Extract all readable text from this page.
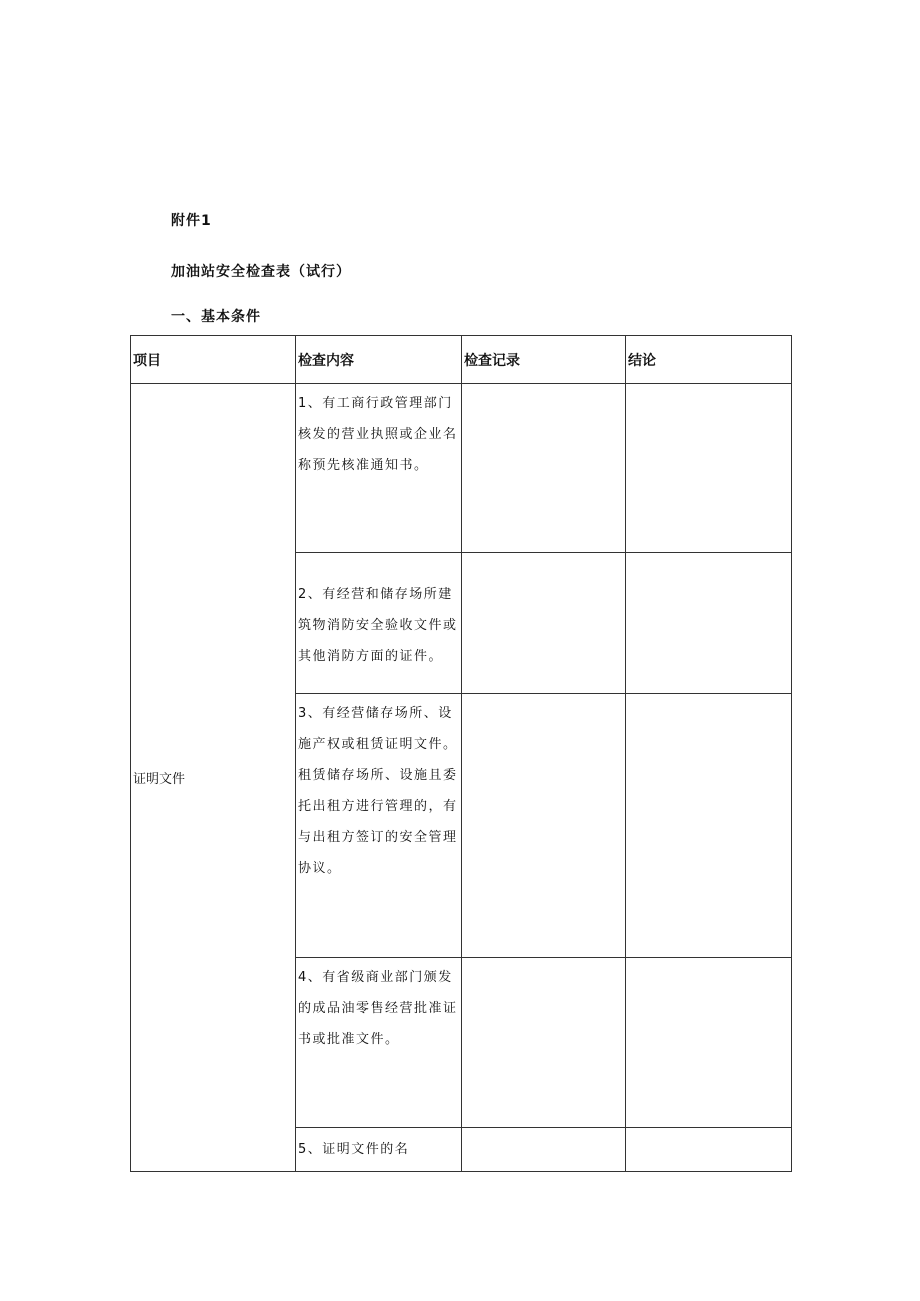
附件1
加油站安全检查表（试行）
一、基本条件
项目	检查内容	检查记录	结论
证明文件	1、有工商行政管理部门核发的营业执照或企业名称预先核准通知书。		
	2、有经营和储存场所建筑物消防安全验收文件或其他消防方面的证件。		
	3、有经营储存场所、设施产权或租赁证明文件。租赁储存场所、设施且委托出租方进行管理的，有与出租方签订的安全管理协议。		
	4、有省级商业部门颁发的成品油零售经营批准证书或批准文件。		
	5、证明文件的名		
